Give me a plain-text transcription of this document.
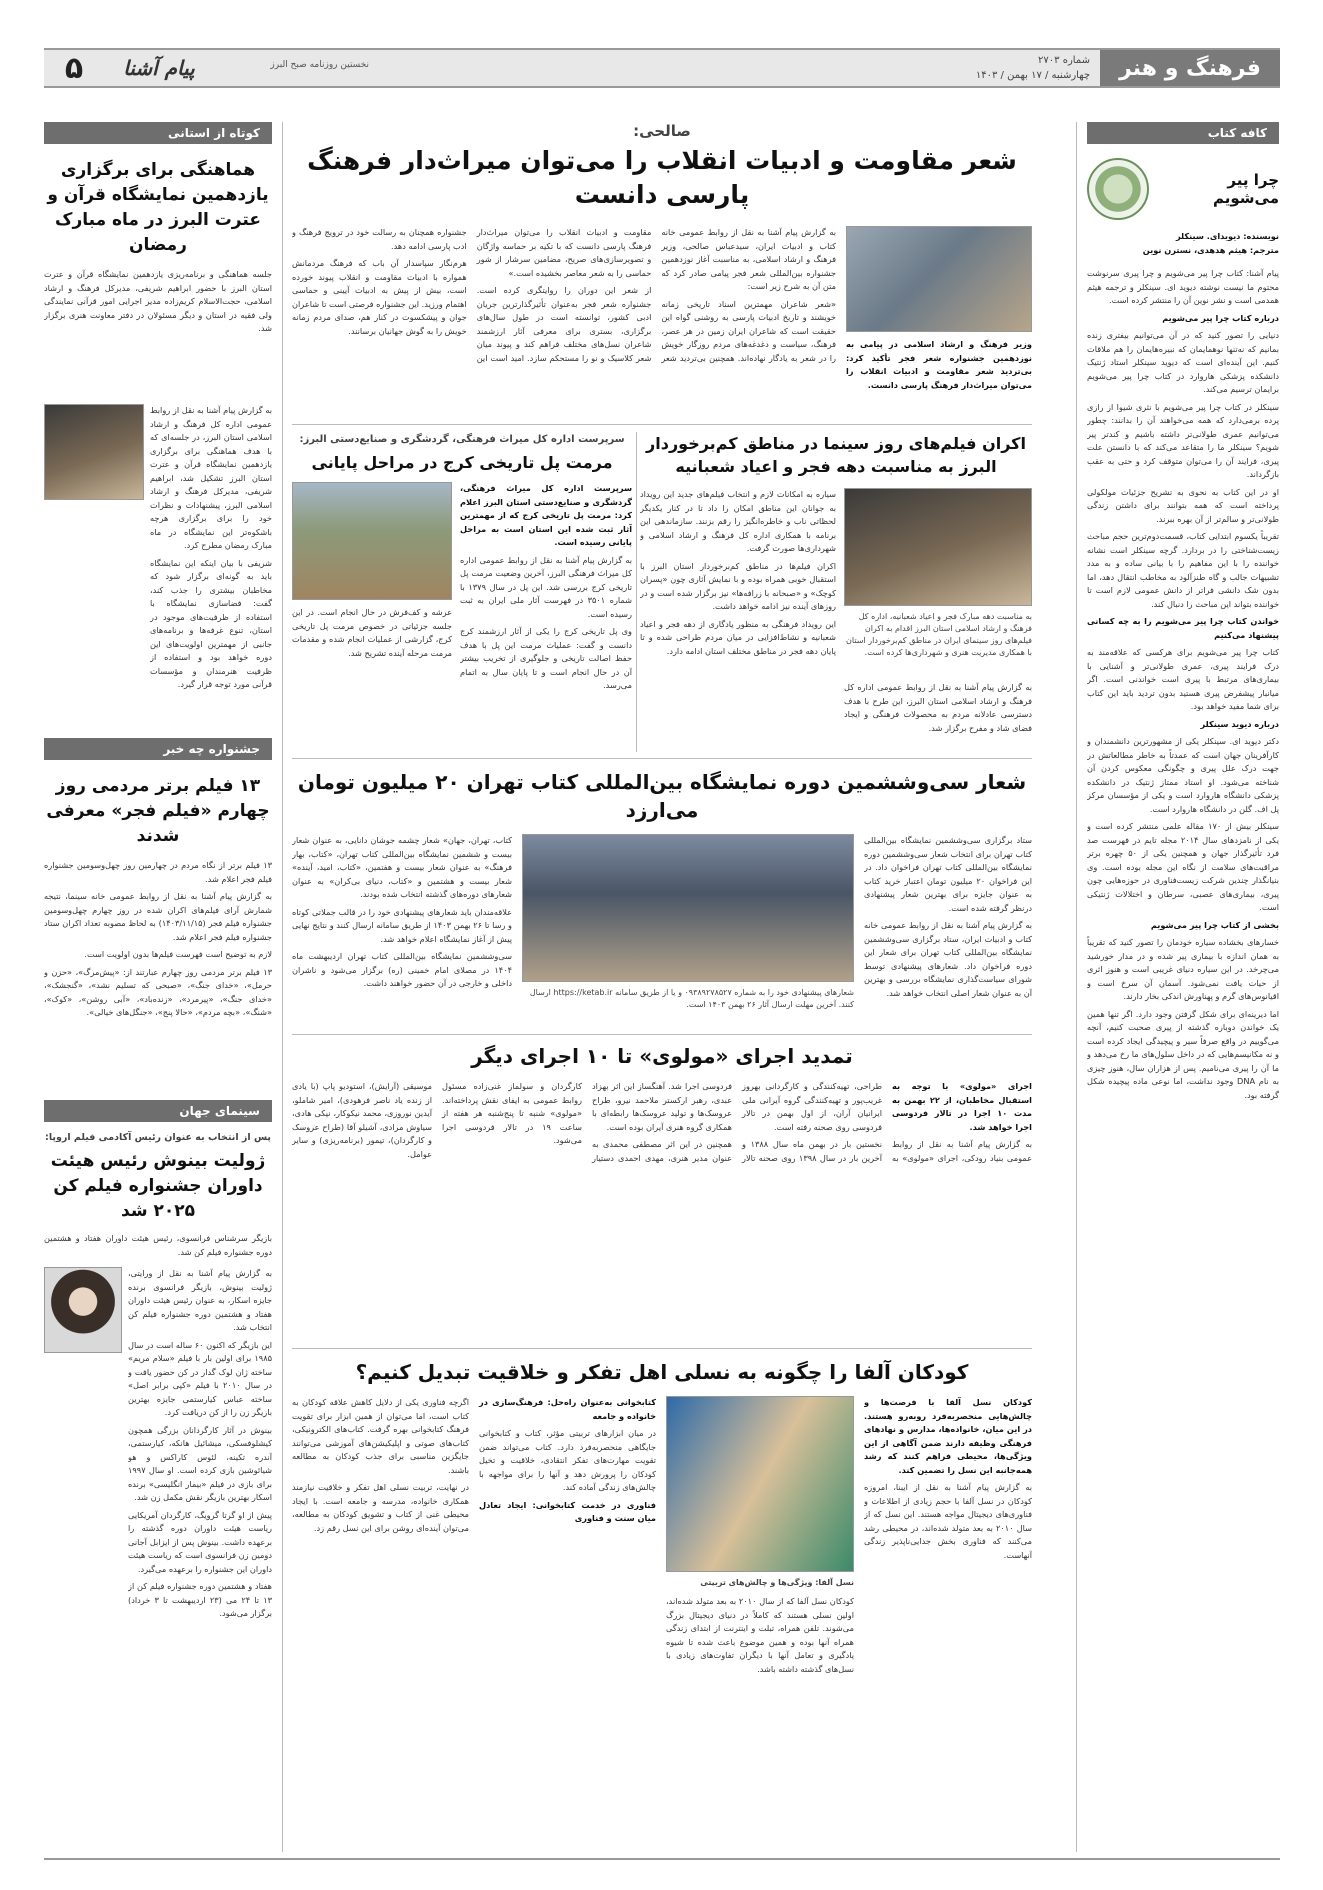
فرهنگ و هنر
شماره ۲۷۰۳
چهارشنبه / ۱۷ بهمن / ۱۴۰۳
۵	پیام آشنا	نخستین روزنامه صبح البرز
کافه کتاب
چرا پیر می‌شویم
نویسنده: دیویدای. سینکلر
مترجم: هیثم هدهدی، نسترن نوین

پیام آشنا: کتاب چرا پیر می‌شویم و چرا پیری سرنوشت محتوم ما نیست نوشته دیوید ای. سینکلر و ترجمه هیثم همدمی است و نشر نوین آن را منتشر کرده است.

درباره کتاب چرا پیر می‌شویم

دنیایی را تصور کنید که در آن می‌توانیم بیفتری زنده بمانیم که نه‌تنها نوهمایمان که نبیره‌هایمان را هم ملاقات کنیم. این آینده‌ای است که دیوید سینکلر استاد ژنتیک دانشکده پزشکی هاروارد در کتاب چرا پیر می‌شویم برایمان ترسیم می‌کند.

سینکلر در کتاب چرا پیر می‌شویم با نثری شیوا از رازی پرده برمی‌دارد که همه می‌خواهند آن را بدانند: چطور می‌توانیم عمری طولانی‌تر داشته باشیم و کندتر پیر شویم؟ سینکلر ما را متقاعد می‌کند که با دانستن علت پیری، فرایند آن را می‌توان متوقف کرد و حتی به عقب بازگرداند.

او در این کتاب به نحوی به تشریح جزئیات مولکولی پرداخته است که همه بتوانند برای داشتن زندگی طولانی‌تر و سالم‌تر از آن بهره ببرند.

تقریباً یکسوم ابتدایی کتاب، قسمت‌دوم‌ترین حجم مباحث زیست‌شناختی را در بردارد. گرچه سینکلر است نشانه خواننده را با این مفاهیم را با بیانی ساده و به مدد تشبیهات جالب و گاه طنزآلود به مخاطب انتقال دهد، اما بدون شک دانشی فراتر از دانش عمومی لازم است تا خواننده بتواند این مباحث را دنبال کند.

خواندن کتاب چرا پیر می‌شویم را به چه کسانی پیشنهاد می‌کنیم

کتاب چرا پیر می‌شویم برای هرکسی که علاقه‌مند به درک فرایند پیری، عمری طولانی‌تر و آشنایی با بیماری‌های مرتبط با پیری است خواندنی است. اگر میانبار پیشفرض پیری هستید بدون تردید باید این کتاب برای شما مفید خواهد بود.

درباره دیوید سینکلر

دکتر دیوید ای. سینکلر یکی از مشهورترین دانشمندان و کارآفرینان جهان است که عمدتاً به خاطر مطالعاتش در جهت درک علل پیری و چگونگی معکوس کردن آن شناخته می‌شود. او استاد ممتاز ژنتیک در دانشکده پزشکی دانشگاه هاروارد است و یکی از مؤسسان مرکز پل اف. گلن در دانشگاه هاروارد است.

سینکلر بیش از ۱۷۰ مقاله علمی منتشر کرده است و یکی از نامزدهای سال ۲۰۱۴ مجله تایم در فهرست صد فرد تأثیرگذار جهان و همچنین یکی از ۵۰ چهره برتر مراقبت‌های سلامت از نگاه این مجله بوده است. وی بنیانگذار چندین شرکت زیست‌فناوری در حوزه‌هایی چون پیری، بیماری‌های عصبی، سرطان و اختلالات ژنتیکی است.

بخشی از کتاب چرا پیر می‌شویم

خسارهای بخشاده سیاره خودمان را تصور کنید که تقریباً به همان اندازه با بیماری پیر شده و در مدار خورشید می‌چرخد. در این سیاره دنیای غریبی است و هنوز اثری از حیات یافت نمی‌شود. آسمان آن سرخ است و اقیانوس‌های گرم و پهناورش اندکی بخار دارند.

اما دیرینه‌ای برای شکل گرفتن وجود دارد. اگر تنها همین یک خواندن دوباره گذشته از پیری صحبت کنیم، آنچه می‌گوییم در واقع صرفاً سیر و پیچیدگی ایجاد کرده است و نه مکانیسم‌هایی که در داخل سلول‌های ما رخ می‌دهد و ما آن را پیری می‌نامیم. پس از هزاران سال، هنوز چیزی به نام DNA وجود نداشت، اما نوعی ماده پیچیده شکل گرفته بود.

کوتاه از استانی
هماهنگی برای برگزاری یازدهمین نمایشگاه قرآن و عترت البرز در ماه مبارک رمضان

جلسه هماهنگی و برنامه‌ریزی یازدهمین نمایشگاه قرآن و عترت استان البرز با حضور ابراهیم شریفی، مدیرکل فرهنگ و ارشاد اسلامی، حجت‌الاسلام کریم‌زاده مدیر اجرایی امور قرآنی نمایندگی ولی فقیه در استان و دیگر مسئولان در دفتر معاونت هنری برگزار شد.

به گزارش پیام آشنا به نقل از روابط عمومی اداره کل فرهنگ و ارشاد اسلامی استان البرز، در جلسه‌ای که با هدف هماهنگی برای برگزاری یازدهمین نمایشگاه قرآن و عترت استان البرز تشکیل شد، ابراهیم شریفی، مدیرکل فرهنگ و ارشاد اسلامی البرز، پیشنهادات و نظرات خود را برای برگزاری هرچه باشکوه‌تر این نمایشگاه در ماه مبارک رمضان مطرح کرد.

شریفی با بیان اینکه این نمایشگاه باید به گونه‌ای برگزار شود که مخاطبان بیشتری را جذب کند، گفت: فضاسازی نمایشگاه با استفاده از ظرفیت‌های موجود در استان، تنوع غرفه‌ها و برنامه‌های جانبی از مهمترین اولویت‌های این دوره خواهد بود و استفاده از ظرفیت هنرمندان و مؤسسات قرآنی مورد توجه قرار گیرد.

جشنواره چه خبر
۱۳ فیلم برتر مردمی روز چهارم «فیلم فجر» معرفی شدند

۱۳ فیلم برتر از نگاه مردم در چهارمین روز چهل‌وسومین جشنواره فیلم فجر اعلام شد.

به گزارش پیام آشنا به نقل از روابط عمومی خانه سینما، نتیجه شمارش آرای فیلم‌های اکران شده در روز چهارم چهل‌وسومین جشنواره فیلم فجر (۱۴۰۳/۱۱/۱۵) به لحاظ مصوبه تعداد اکران ستاد جشنواره فیلم فجر اعلام شد.

لازم به توضیح است فهرست فیلم‌ها بدون اولویت است.

۱۳ فیلم برتر مردمی روز چهارم عبارتند از: «پیش‌مرگ»، «حزن و حرمل»، «خدای جنگ»، «صبحی که تسلیم نشد»، «گنجشک»، «خدای جنگ»، «پیرمرد»، «زنده‌باد»، «آبی روشن»، «کوک»، «شنگ»، «بچه مردم»، «حالا پنج»، «جنگل‌های خیالی».

سینمای جهان
پس از انتخاب به عنوان رئیس آکادمی فیلم اروپا:
ژولیت بینوش رئیس هیئت داوران جشنواره فیلم کن ۲۰۲۵ شد

بازیگر سرشناس فرانسوی، رئیس هیئت داوران هفتاد و هشتمین دوره جشنواره فیلم کن شد.

به گزارش پیام آشنا به نقل از ورایتی، ژولیت بینوش، بازیگر فرانسوی برنده جایزه اسکار، به عنوان رئیس هیئت داوران هفتاد و هشتمین دوره جشنواره فیلم کن انتخاب شد.

این بازیگر که اکنون ۶۰ ساله است در سال ۱۹۸۵ برای اولین بار با فیلم «سلام مریم» ساخته ژان لوک گدار در کن حضور یافت و در سال ۲۰۱۰ با فیلم «کپی برابر اصل» ساخته عباس کیارستمی جایزه بهترین بازیگر زن را از کن دریافت کرد.

بینوش در آثار کارگردانان بزرگی همچون کیشلوفسکی، میشائیل هانکه، کیارستمی، آندره تکینه، لئوس کاراکس و هو شیائوشین بازی کرده است. او سال ۱۹۹۷ برای بازی در فیلم «بیمار انگلیسی» برنده اسکار بهترین بازیگر نقش مکمل زن شد.

پیش از او گرتا گرویگ، کارگردان آمریکایی ریاست هیئت داوران دوره گذشته را برعهده داشت. بینوش پس از ایزابل آجانی دومین زن فرانسوی است که ریاست هیئت داوران این جشنواره را برعهده می‌گیرد.

هفتاد و هشتمین دوره جشنواره فیلم کن از ۱۳ تا ۲۴ می (۲۳ اردیبهشت تا ۳ خرداد) برگزار می‌شود.

صالحی:
شعر مقاومت و ادبیات انقلاب را می‌توان میراث‌دار فرهنگ پارسی دانست

وزیر فرهنگ و ارشاد اسلامی در پیامی به نوزدهمین جشنواره شعر فجر تأکید کرد: بی‌تردید شعر مقاومت و ادبیات انقلاب را می‌توان میراث‌دار فرهنگ پارسی دانست.

به گزارش پیام آشنا به نقل از روابط عمومی خانه کتاب و ادبیات ایران، سیدعباس صالحی، وزیر فرهنگ و ارشاد اسلامی، به مناسبت آغاز نوزدهمین جشنواره بین‌المللی شعر فجر پیامی صادر کرد که متن آن به شرح زیر است:

«شعر شاعران مهمترین اسناد تاریخی زمانه خویشند و تاریخ ادبیات پارسی به روشنی گواه این حقیقت است که شاعران ایران زمین در هر عصر، فرهنگ، سیاست و دغدغه‌های مردم روزگار خویش را در شعر به یادگار نهاده‌اند. همچنین بی‌تردید شعر مقاومت و ادبیات انقلاب را می‌توان میراث‌دار فرهنگ پارسی دانست که با تکیه بر حماسه واژگان و تصویرسازی‌های صریح، مضامین سرشار از شور حماسی را به شعر معاصر بخشیده است.»

از شعر این دوران را روایتگری کرده است. جشنواره شعر فجر به‌عنوان تأثیرگذارترین جریان ادبی کشور، توانسته است در طول سال‌های برگزاری، بستری برای معرفی آثار ارزشمند شاعران نسل‌های مختلف فراهم کند و پیوند میان شعر کلاسیک و نو را مستحکم سازد. امید است این جشنواره همچنان به رسالت خود در ترویج فرهنگ و ادب پارسی ادامه دهد.

هرم‌نگار سپاسدار آن باب که فرهنگ مردمانش همواره با ادبیات مقاومت و انقلاب پیوند خورده است، بیش از پیش به ادبیات آیینی و حماسی اهتمام ورزید. این جشنواره فرصتی است تا شاعران جوان و پیشکسوت در کنار هم، صدای مردم زمانه خویش را به گوش جهانیان برسانند.

اکران فیلم‌های روز سینما در مناطق کم‌برخوردار البرز به مناسبت دهه فجر و اعیاد شعبانیه
به مناسبت دهه مبارک فجر و اعیاد شعبانیه، اداره کل فرهنگ و ارشاد اسلامی استان البرز اقدام به اکران فیلم‌های روز سینمای ایران در مناطق کم‌برخوردار استان با همکاری مدیریت هنری و شهرداری‌ها کرده است.

به گزارش پیام آشنا به نقل از روابط عمومی اداره کل فرهنگ و ارشاد اسلامی استان البرز، این طرح با هدف دسترسی عادلانه مردم به محصولات فرهنگی و ایجاد فضای شاد و مفرح برگزار شد.

سیاره به امکانات لازم و انتخاب فیلم‌های جدید این رویداد به جوانان این مناطق امکان را داد تا در کنار یکدیگر لحظاتی ناب و خاطره‌انگیز را رقم بزنند. سازماندهی این برنامه با همکاری اداره کل فرهنگ و ارشاد اسلامی و شهرداری‌ها صورت گرفت.

اکران فیلم‌ها در مناطق کم‌برخوردار استان البرز با استقبال خوبی همراه بوده و با نمایش آثاری چون «پسران کوچک» و «صبحانه با زرافه‌ها» نیز برگزار شده است و در روزهای آینده نیز ادامه خواهد داشت.

این رویداد فرهنگی به منظور یادگاری از دهه فجر و اعیاد شعبانیه و نشاط‌افزایی در میان مردم طراحی شده و تا پایان دهه فجر در مناطق مختلف استان ادامه دارد.

سرپرست اداره کل میراث فرهنگی، گردشگری و صنایع‌دستی البرز:
مرمت پل تاریخی کرج در مراحل پایانی

سرپرست اداره کل میراث فرهنگی، گردشگری و صنایع‌دستی استان البرز اعلام کرد: مرمت پل تاریخی کرج که از مهمترین آثار ثبت شده این استان است به مراحل پایانی رسیده است.

به گزارش پیام آشنا به نقل از روابط عمومی اداره کل میراث فرهنگی البرز، آخرین وضعیت مرمت پل تاریخی کرج بررسی شد. این پل در سال ۱۳۷۹ با شماره ۳۵۰۱ در فهرست آثار ملی ایران به ثبت رسیده است.

وی پل تاریخی کرج را یکی از آثار ارزشمند کرج دانست و گفت: عملیات مرمت این پل با هدف حفظ اصالت تاریخی و جلوگیری از تخریب بیشتر آن در حال انجام است و تا پایان سال به اتمام می‌رسد.

عرشه و کف‌فرش در حال انجام است. در این جلسه جزئیاتی در خصوص مرمت پل تاریخی کرج، گزارشی از عملیات انجام شده و مقدمات مرمت مرحله آینده تشریح شد.

شعار سی‌وششمین دوره نمایشگاه بین‌المللی کتاب تهران ۲۰ میلیون تومان می‌ارزد

ستاد برگزاری سی‌وششمین نمایشگاه بین‌المللی کتاب تهران برای انتخاب شعار سی‌وششمین دوره نمایشگاه بین‌المللی کتاب تهران فراخوان داد. در این فراخوان ۲۰ میلیون تومان اعتبار خرید کتاب به عنوان جایزه برای بهترین شعار پیشنهادی درنظر گرفته شده است.

به گزارش پیام آشنا به نقل از روابط عمومی خانه کتاب و ادبیات ایران، ستاد برگزاری سی‌وششمین نمایشگاه بین‌المللی کتاب تهران برای شعار این دوره فراخوان داد. شعارهای پیشنهادی توسط شورای سیاست‌گذاری نمایشگاه بررسی و بهترین آن به عنوان شعار اصلی انتخاب خواهد شد.

شعارهای پیشنهادی خود را به شماره ۰۹۳۸۹۲۷۸۵۲۷ و یا از طریق سامانه https://ketab.ir ارسال کنند. آخرین مهلت ارسال آثار ۲۶ بهمن ۱۴۰۳ است.

کتاب، تهران، جهان» شعار چشمه جوشان دانایی، به عنوان شعار بیست و ششمین نمایشگاه بین‌المللی کتاب تهران، «کتاب، بهار فرهنگ» به عنوان شعار بیست و هفتمین، «کتاب، امید، آینده» شعار بیست و هشتمین و «کتاب، دنیای بی‌کران» به عنوان شعارهای دوره‌های گذشته انتخاب شده بودند.

علاقه‌مندان باید شعارهای پیشنهادی خود را در قالب جملاتی کوتاه و رسا تا ۲۶ بهمن ۱۴۰۳ از طریق سامانه ارسال کنند و نتایج نهایی پیش از آغاز نمایشگاه اعلام خواهد شد.

سی‌وششمین نمایشگاه بین‌المللی کتاب تهران اردیبهشت ماه ۱۴۰۴ در مصلای امام خمینی (ره) برگزار می‌شود و ناشران داخلی و خارجی در آن حضور خواهند داشت.

تمدید اجرای «مولوی» تا ۱۰ اجرای دیگر

اجرای «مولوی» با توجه به استقبال مخاطبان، از ۲۲ بهمن به مدت ۱۰ اجرا در تالار فردوسی اجرا خواهد شد.

به گزارش پیام آشنا به نقل از روابط عمومی بنیاد رودکی، اجرای «مولوی» به طراحی، تهیه‌کنندگی و کارگردانی بهروز غریب‌پور و تهیه‌کنندگی گروه آیرانی ملی ایرانیان آران، از اول بهمن در تالار فردوسی روی صحنه رفته است.

نخستین بار در بهمن ماه سال ۱۳۸۸ و آخرین بار در سال ۱۳۹۸ روی صحنه تالار فردوسی اجرا شد. آهنگساز این اثر بهزاد عبدی، رهبر ارکستر ملاحمد نیرو، طراح عروسک‌ها و تولید عروسک‌ها رابطه‌ای با همکاری گروه هنری آیران بوده است.

همچنین در این اثر مصطفی محمدی به عنوان مدیر هنری، مهدی احمدی دستیار کارگردان و سولماز غنی‌زاده مسئول روابط عمومی به ایفای نقش پرداخته‌اند. «مولوی» شنبه تا پنج‌شنبه هر هفته از ساعت ۱۹ در تالار فردوسی اجرا می‌شود.

موسیقی (آرایش)، استودیو پاپ (با یادی از زنده یاد ناصر فرهودی)، امیر شاملو، آیدین نوروزی، محمد نیکوکار، نیکی هادی، سیاوش مرادی، آشیلو آقا (طراح عروسک و کارگردان)، تیمور (برنامه‌ریزی) و سایر عوامل.

کودکان آلفا را چگونه به نسلی اهل تفکر و خلاقیت تبدیل کنیم؟

کودکان نسل آلفا با فرصت‌ها و چالش‌هایی منحصربه‌فرد روبه‌رو هستند. در این میان، خانواده‌ها، مدارس و نهادهای فرهنگی وظیفه دارند ضمن آگاهی از این ویژگی‌ها، محیطی فراهم کنند که رشد همه‌جانبه این نسل را تضمین کند.

به گزارش پیام آشنا به نقل از ایبنا، امروزه کودکان در نسل آلفا با حجم زیادی از اطلاعات و فناوری‌های دیجیتال مواجه هستند. این نسل که از سال ۲۰۱۰ به بعد متولد شده‌اند، در محیطی رشد می‌کنند که فناوری بخش جدایی‌ناپذیر زندگی آنهاست.

نسل آلفا: ویژگی‌ها و چالش‌های تربیتی

کودکان نسل آلفا که از سال ۲۰۱۰ به بعد متولد شده‌اند، اولین نسلی هستند که کاملاً در دنیای دیجیتال بزرگ می‌شوند. تلفن همراه، تبلت و اینترنت از ابتدای زندگی همراه آنها بوده و همین موضوع باعث شده تا شیوه یادگیری و تعامل آنها با دیگران تفاوت‌های زیادی با نسل‌های گذشته داشته باشد.

کتابخوانی به‌عنوان راه‌حل: فرهنگ‌سازی در خانواده و جامعه

در میان ابزارهای تربیتی مؤثر، کتاب و کتابخوانی جایگاهی منحصربه‌فرد دارد. کتاب می‌تواند ضمن تقویت مهارت‌های تفکر انتقادی، خلاقیت و تخیل کودکان را پرورش دهد و آنها را برای مواجهه با چالش‌های زندگی آماده کند.

فناوری در خدمت کتابخوانی: ایجاد تعادل میان سنت و فناوری

اگرچه فناوری یکی از دلایل کاهش علاقه کودکان به کتاب است، اما می‌توان از همین ابزار برای تقویت فرهنگ کتابخوانی بهره گرفت. کتاب‌های الکترونیکی، کتاب‌های صوتی و اپلیکیشن‌های آموزشی می‌توانند جایگزین مناسبی برای جذب کودکان به مطالعه باشند.

در نهایت، تربیت نسلی اهل تفکر و خلاقیت نیازمند همکاری خانواده، مدرسه و جامعه است. با ایجاد محیطی غنی از کتاب و تشویق کودکان به مطالعه، می‌توان آینده‌ای روشن برای این نسل رقم زد.
